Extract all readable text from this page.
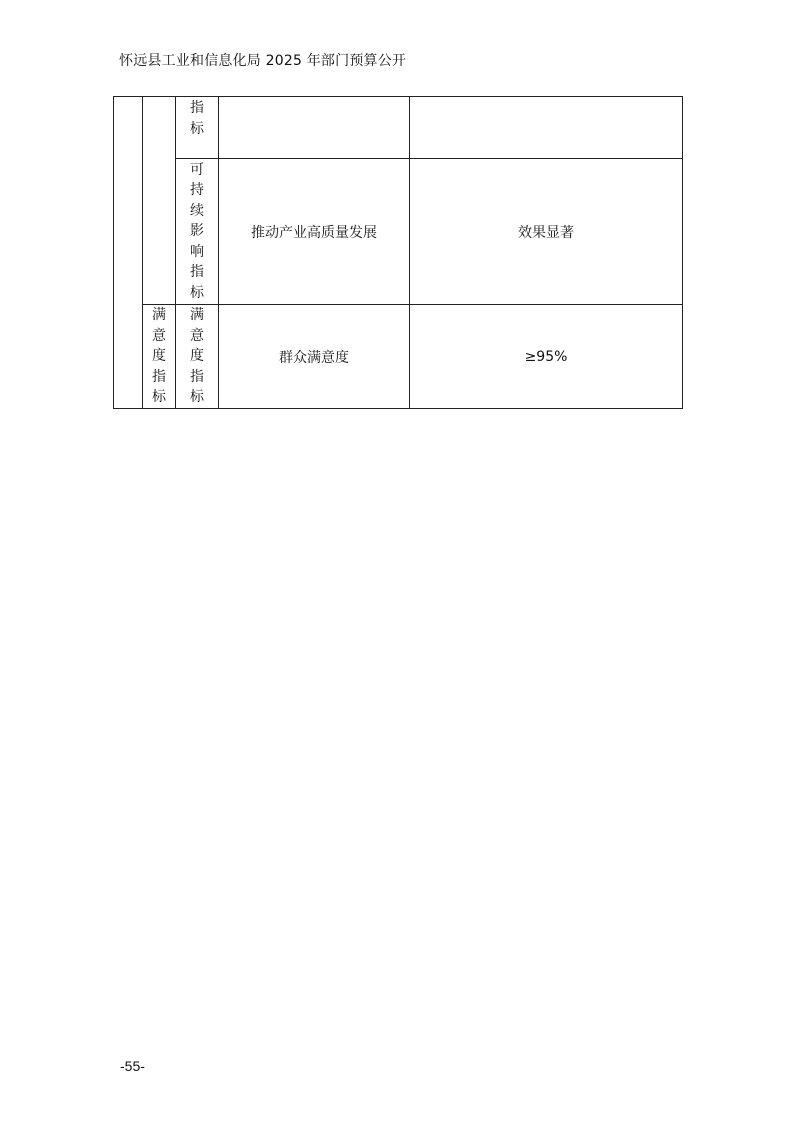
怀远县工业和信息化局 2025 年部门预算公开
		指标	

		可持续影响指标	推动产业高质量发展	效果显著

	满意度指标	满意度指标	群众满意度	≥95%
-55-
